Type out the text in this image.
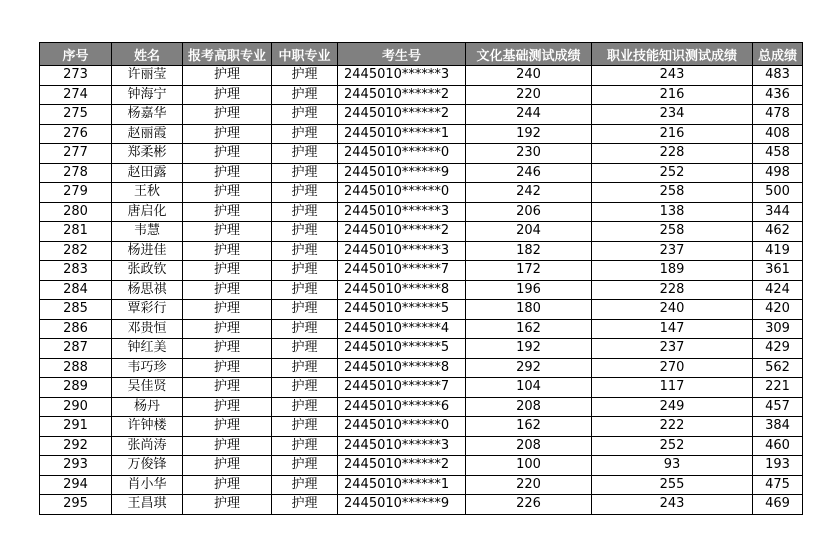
序号	姓名	报考高职专业	中职专业	考生号	文化基础测试成绩	职业技能知识测试成绩	总成绩
273	许丽莹	护理	护理	2445010******3	240	243	483
274	钟海宁	护理	护理	2445010******2	220	216	436
275	杨嘉华	护理	护理	2445010******2	244	234	478
276	赵丽霞	护理	护理	2445010******1	192	216	408
277	郑柔彬	护理	护理	2445010******0	230	228	458
278	赵田露	护理	护理	2445010******9	246	252	498
279	王秋	护理	护理	2445010******0	242	258	500
280	唐启化	护理	护理	2445010******3	206	138	344
281	韦慧	护理	护理	2445010******2	204	258	462
282	杨进佳	护理	护理	2445010******3	182	237	419
283	张政钦	护理	护理	2445010******7	172	189	361
284	杨思祺	护理	护理	2445010******8	196	228	424
285	覃彩行	护理	护理	2445010******5	180	240	420
286	邓贵恒	护理	护理	2445010******4	162	147	309
287	钟红美	护理	护理	2445010******5	192	237	429
288	韦巧珍	护理	护理	2445010******8	292	270	562
289	吴佳贤	护理	护理	2445010******7	104	117	221
290	杨丹	护理	护理	2445010******6	208	249	457
291	许钟楼	护理	护理	2445010******0	162	222	384
292	张尚涛	护理	护理	2445010******3	208	252	460
293	万俊锋	护理	护理	2445010******2	100	93	193
294	肖小华	护理	护理	2445010******1	220	255	475
295	王昌琪	护理	护理	2445010******9	226	243	469
